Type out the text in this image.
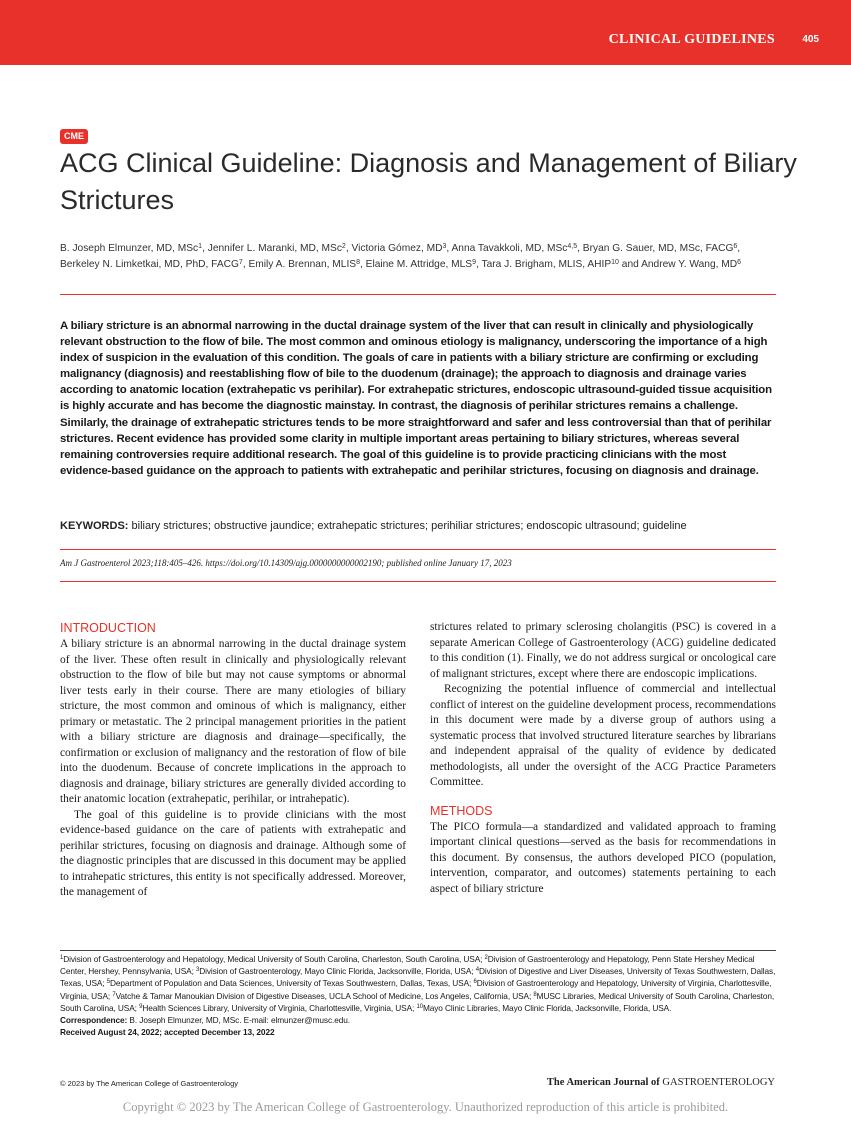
CLINICAL GUIDELINES	405
CME
ACG Clinical Guideline: Diagnosis and Management of Biliary Strictures

B. Joseph Elmunzer, MD, MSc$^1$, Jennifer L. Maranki, MD, MSc$^2$, Victoria Gómez, $MD^3$, Anna Tavakkoli, MD, MSc$^{4,5}$, Bryan G. Sauer, MD, MSc, FACG$^6$, Berkeley N. Limketkai, MD, PhD, FACG$^7$, Emily A. Brennan, MLIS$^8$, Elaine M. Attridge, MLS$^9$, Tara J. Brigham, MLIS, AHIP$^{10}$ and Andrew Y. Wang, $MD^6$

A biliary stricture is an abnormal narrowing in the ductal drainage system of the liver that can result in clinically and physiologically relevant obstruction to the flow of bile. The most common and ominous etiology is malignancy, underscoring the importance of a high index of suspicion in the evaluation of this condition. The goals of care in patients with a biliary stricture are confirming or excluding malignancy (diagnosis) and reestablishing flow of bile to the duodenum (drainage); the approach to diagnosis and drainage varies according to anatomic location (extrahepatic vs perihilar). For extrahepatic strictures, endoscopic ultrasound-guided tissue acquisition is highly accurate and has become the diagnostic mainstay. In contrast, the diagnosis of perihilar strictures remains a challenge. Similarly, the drainage of extrahepatic strictures tends to be more straightforward and safer and less controversial than that of perihilar strictures. Recent evidence has provided some clarity in multiple important areas pertaining to biliary strictures, whereas several remaining controversies require additional research. The goal of this guideline is to provide practicing clinicians with the most evidence-based guidance on the approach to patients with extrahepatic and perihilar strictures, focusing on diagnosis and drainage.

KEYWORDS: biliary strictures; obstructive jaundice; extrahepatic strictures; perihiliar strictures; endoscopic ultrasound; guideline

Am J Gastroenterol 2023;118:405–426. https://doi.org/10.14309/ajg.0000000000002190; published online January 17, 2023

INTRODUCTION

A biliary stricture is an abnormal narrowing in the ductal drainage system of the liver. These often result in clinically and physiologically relevant obstruction to the flow of bile but may not cause symptoms or abnormal liver tests early in their course. There are many etiologies of biliary stricture, the most common and ominous of which is malignancy, either primary or metastatic. The 2 principal management priorities in the patient with a biliary stricture are diagnosis and drainage—specifically, the confirmation or exclusion of malignancy and the restoration of flow of bile into the duodenum. Because of concrete implications in the approach to diagnosis and drainage, biliary strictures are generally divided according to their anatomic location (extrahepatic, perihilar, or intrahepatic).

The goal of this guideline is to provide clinicians with the most evidence-based guidance on the care of patients with extrahepatic and perihilar strictures, focusing on diagnosis and drainage. Although some of the diagnostic principles that are discussed in this document may be applied to intrahepatic strictures, this entity is not specifically addressed. Moreover, the management of

strictures related to primary sclerosing cholangitis (PSC) is covered in a separate American College of Gastroenterology (ACG) guideline dedicated to this condition (1). Finally, we do not address surgical or oncological care of malignant strictures, except where there are endoscopic implications.

Recognizing the potential influence of commercial and intellectual conflict of interest on the guideline development process, recommendations in this document were made by a diverse group of authors using a systematic process that involved structured literature searches by librarians and independent appraisal of the quality of evidence by dedicated methodologists, all under the oversight of the ACG Practice Parameters Committee.

METHODS

The PICO formula—a standardized and validated approach to framing important clinical questions—served as the basis for recommendations in this document. By consensus, the authors developed PICO (population, intervention, comparator, and outcomes) statements pertaining to each aspect of biliary stricture

$^1$Division of Gastroenterology and Hepatology, Medical University of South Carolina, Charleston, South Carolina, USA; $^2$Division of Gastroenterology and Hepatology, Penn State Hershey Medical Center, Hershey, Pennsylvania, USA; $^3$Division of Gastroenterology, Mayo Clinic Florida, Jacksonville, Florida, USA; $^4$Division of Digestive and Liver Diseases, University of Texas Southwestern, Dallas, Texas, USA; $^5$Department of Population and Data Sciences, University of Texas Southwestern, Dallas, Texas, USA; $^6$Division of Gastroenterology and Hepatology, University of Virginia, Charlottesville, Virginia, USA; $^7$Vatche & Tamar Manoukian Division of Digestive Diseases, UCLA School of Medicine, Los Angeles, California, USA; $^8$MUSC Libraries, Medical University of South Carolina, Charleston, South Carolina, USA; $^9$Health Sciences Library, University of Virginia, Charlottesville, Virginia, USA; $^{10}$Mayo Clinic Libraries, Mayo Clinic Florida, Jacksonville, Florida, USA.
Correspondence: B. Joseph Elmunzer, MD, MSc. E-mail: elmunzer@musc.edu.
Received August 24, 2022; accepted December 13, 2022

© 2023 by The American College of Gastroenterology	The American Journal of GASTROENTEROLOGY

Copyright © 2023 by The American College of Gastroenterology. Unauthorized reproduction of this article is prohibited.
